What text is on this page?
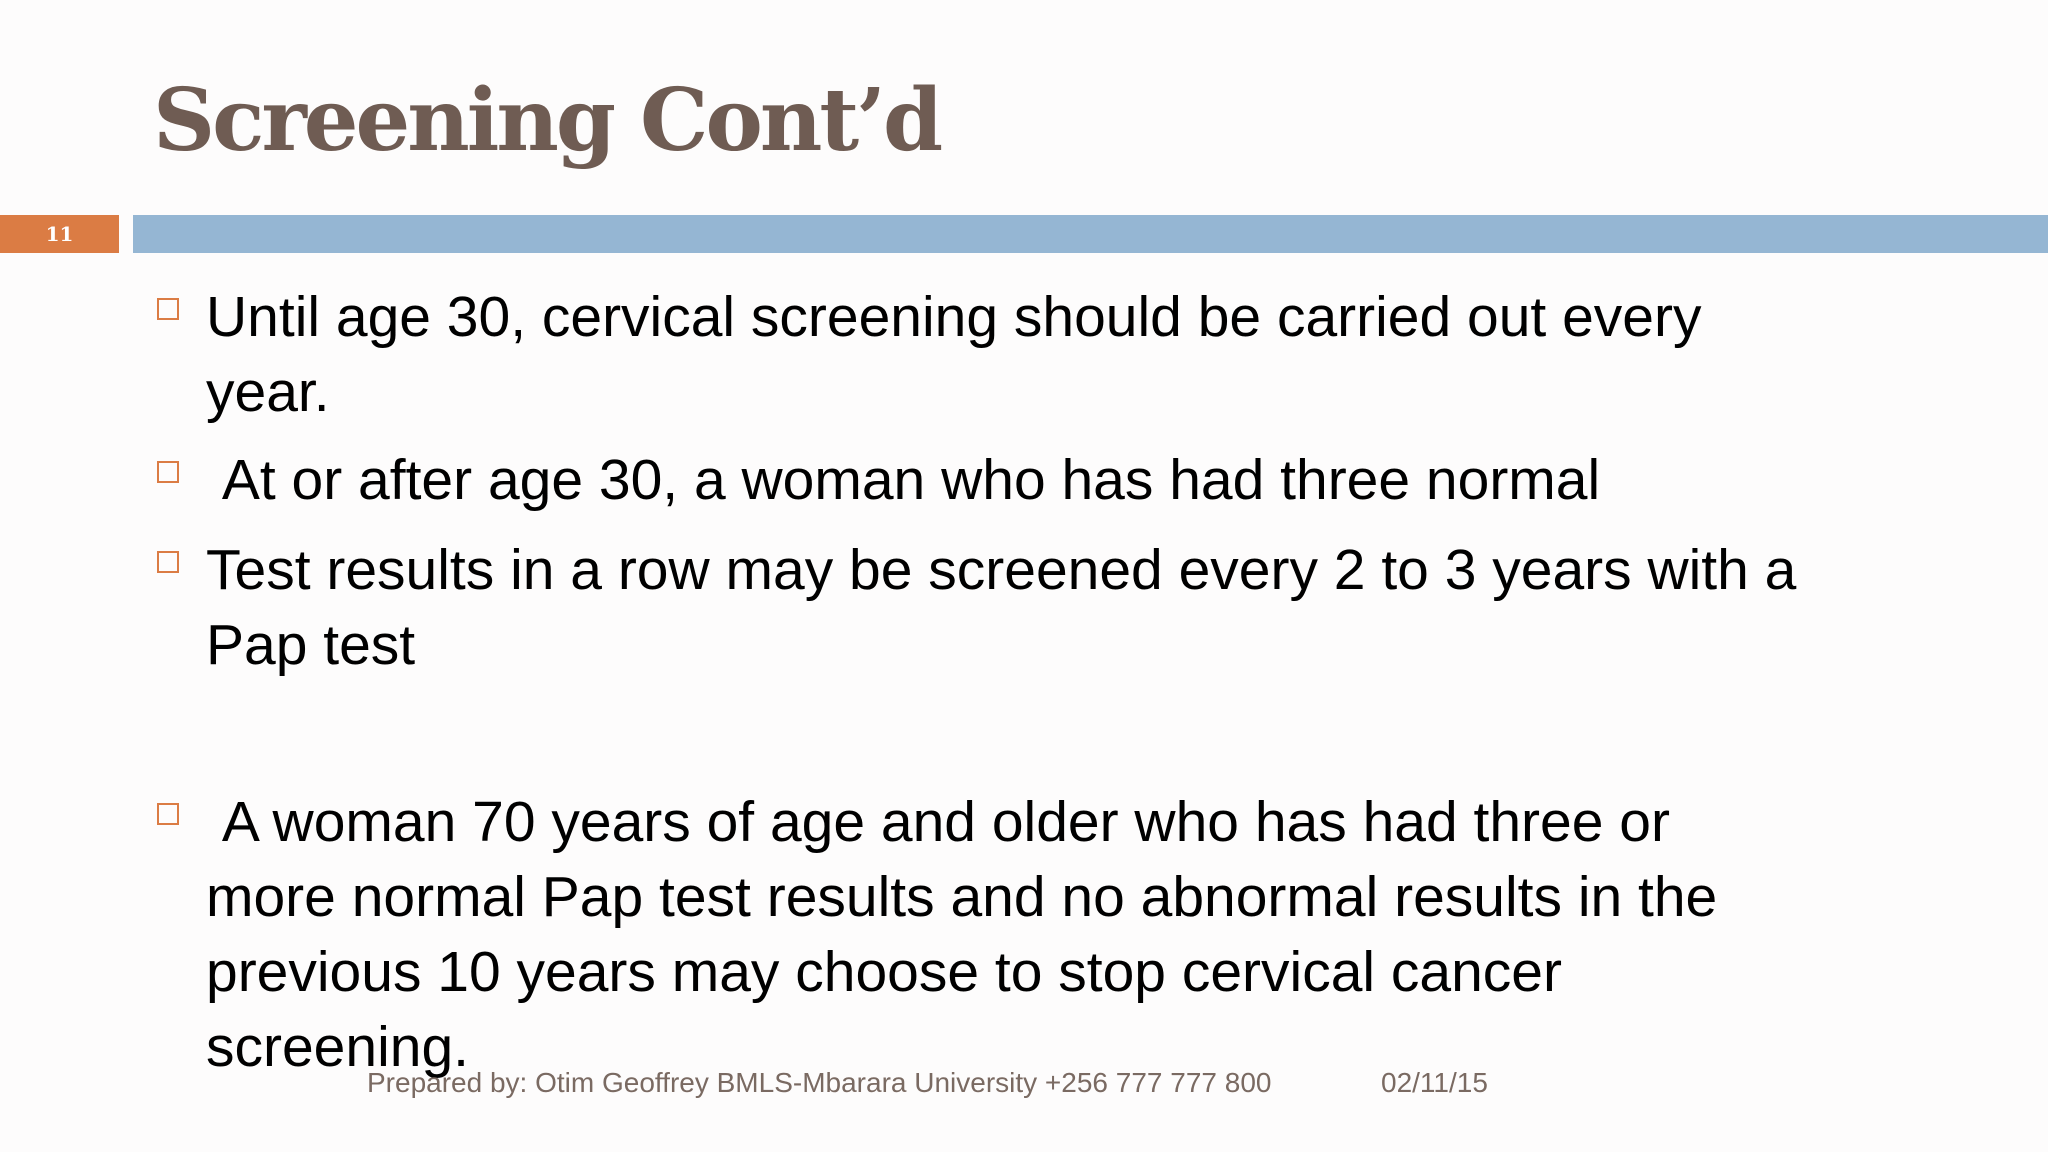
Screening Cont’d
11

Until age 30, cervical screening should be carried out every
year.

At or after age 30, a woman who has had three normal

Test results in a row may be screened every 2 to 3 years with a
Pap test

A woman 70 years of age and older who has had three or
more normal Pap test results and no abnormal results in the
previous 10 years may choose to stop cervical cancer
screening.

Prepared by: Otim Geoffrey BMLS-Mbarara University +256 777 777 800	02/11/15
